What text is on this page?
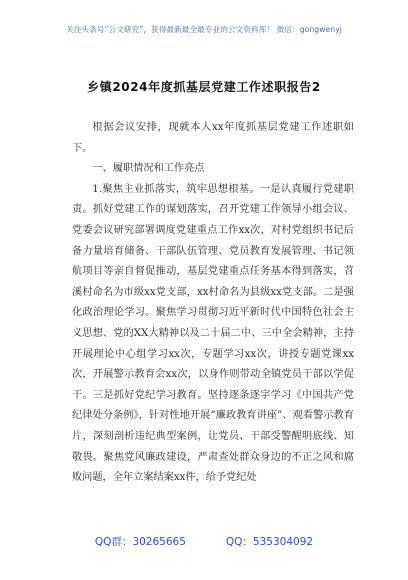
关注头条号“公文研究”，获得最新最全最专业的公文资料库！ 微信：gongwenyj
乡镇2024年度抓基层党建工作述职报告2

根据会议安排，现就本人xx年度抓基层党建工作述职如下。

一、履职情况和工作亮点

1.聚焦主业抓落实，筑牢思想根基。一是认真履行党建职责。抓好党建工作的谋划落实，召开党建工作领导小组会议、党委会议研究部署调度党建重点工作xx次，对村党组织书记后备力量培育储备、干部队伍管理、党员教育发展管理、书记领航项目等亲自督促推动，基层党建重点任务基本得到落实，苕溪村命名为市级xx党支部，xx村命名为县级xx党支部。二是强化政治理论学习。聚焦学习贯彻习近平新时代中国特色社会主义思想、党的XX大精神以及二十届二中、三中全会精神，主持开展理论中心组学习xx次，专题学习xx次，讲授专题党课xx次，开展警示教育会xx次，以身作则带动全镇党员干部以学促干。三是抓好党纪学习教育。坚持逐条逐字学习《中国共产党纪律处分条例》，针对性地开展“廉政教育讲座”、观看警示教育片，深刻剖析违纪典型案例，让党员、干部受警醒明底线、知敬畏。聚焦党风廉政建设，严肃查处群众身边的不正之风和腐败问题，全年立案结案xx件，给予党纪处

QQ群：30265665	QQ：535304092
